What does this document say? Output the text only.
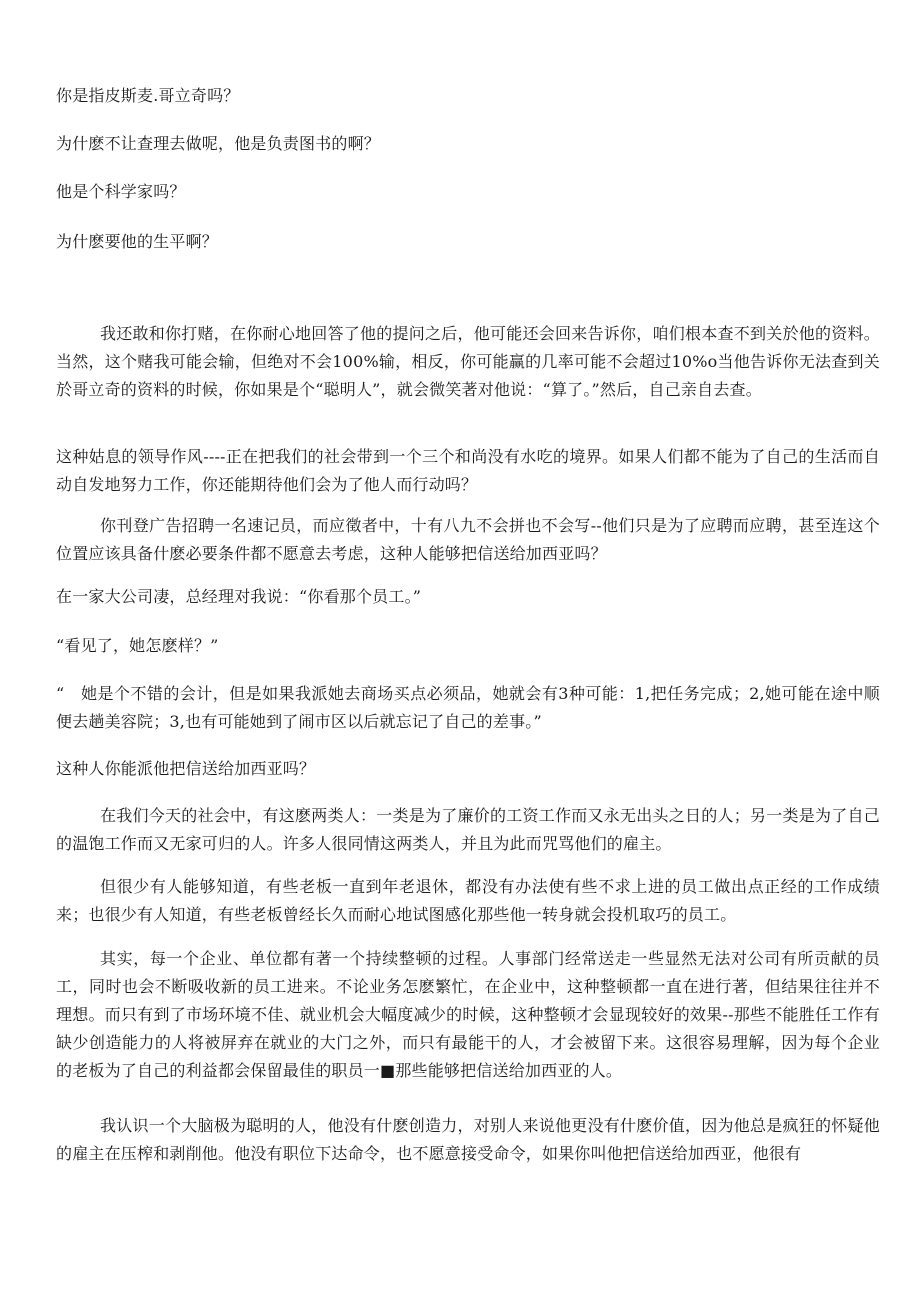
你是指皮斯麦.哥立奇吗？
为什麽不让查理去做呢，他是负责图书的啊？
他是个科学家吗？
为什麽要他的生平啊？
我还敢和你打赌，在你耐心地回答了他的提问之后，他可能还会回来告诉你，咱们根本查不到关於他的资料。当然，这个赌我可能会输，但绝对不会100%输，相反，你可能赢的几率可能不会超过10%o当他告诉你无法查到关於哥立奇的资料的时候，你如果是个“聪明人”，就会微笑著对他说：“算了。”然后，自己亲自去查。
这种姑息的领导作风----正在把我们的社会带到一个三个和尚没有水吃的境界。如果人们都不能为了自己的生活而自动自发地努力工作，你还能期待他们会为了他人而行动吗？
你刊登广告招聘一名速记员，而应徵者中，十有八九不会拼也不会写--他们只是为了应聘而应聘，甚至连这个位置应该具备什麽必要条件都不愿意去考虑，这种人能够把信送给加西亚吗？
在一家大公司凄，总经理对我说：“你看那个员工。”
“看见了，她怎麽样？”
“　她是个不错的会计，但是如果我派她去商场买点必须品，她就会有3种可能：1,把任务完成；2,她可能在途中顺便去趟美容院；3,也有可能她到了闹市区以后就忘记了自己的差事。”
这种人你能派他把信送给加西亚吗？
在我们今天的社会中，有这麽两类人：一类是为了廉价的工资工作而又永无出头之日的人；另一类是为了自己的温饱工作而又无家可归的人。许多人很同情这两类人，并且为此而咒骂他们的雇主。
但很少有人能够知道，有些老板一直到年老退休，都没有办法使有些不求上进的员工做出点正经的工作成绩来；也很少有人知道，有些老板曾经长久而耐心地试图感化那些他一转身就会投机取巧的员工。
其实，每一个企业、单位都有著一个持续整顿的过程。人事部门经常送走一些显然无法对公司有所贡献的员工，同时也会不断吸收新的员工进来。不论业务怎麽繁忙，在企业中，这种整顿都一直在进行著，但结果往往并不理想。而只有到了市场环境不佳、就业机会大幅度减少的时候，这种整顿才会显现较好的效果--那些不能胜任工作有缺少创造能力的人将被屏弃在就业的大门之外，而只有最能干的人，才会被留下来。这很容易理解，因为每个企业的老板为了自己的利益都会保留最佳的职员一■那些能够把信送给加西亚的人。
我认识一个大脑极为聪明的人，他没有什麽创造力，对别人来说他更没有什麽价值，因为他总是疯狂的怀疑他的雇主在压榨和剥削他。他没有职位下达命令，也不愿意接受命令，如果你叫他把信送给加西亚，他很有
